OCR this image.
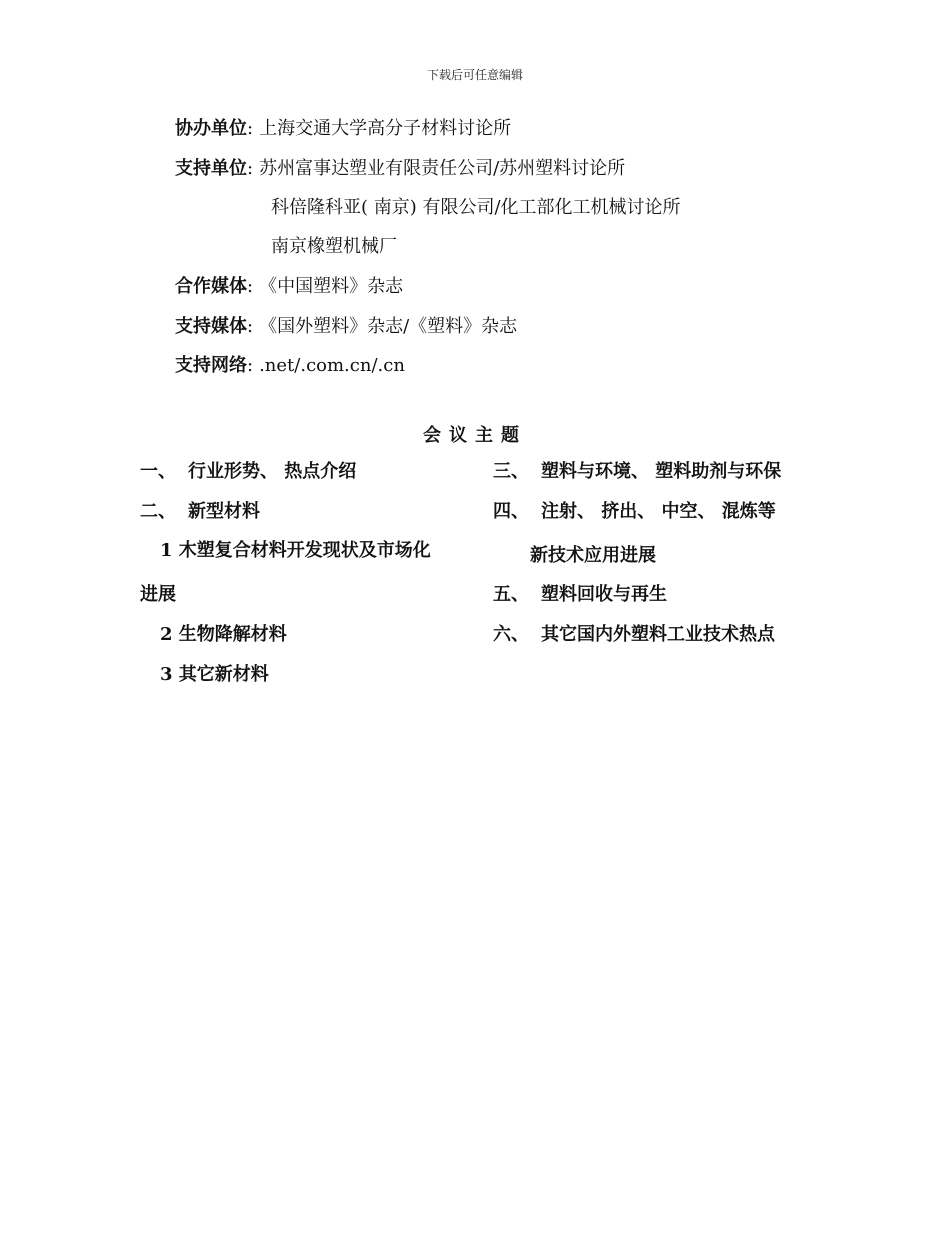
下载后可任意编辑
协办单位: 上海交通大学高分子材料讨论所
支持单位: 苏州富事达塑业有限责任公司/苏州塑料讨论所
科倍隆科亚( 南京) 有限公司/化工部化工机械讨论所
南京橡塑机械厂
合作媒体: 《中国塑料》杂志
支持媒体: 《国外塑料》杂志/《塑料》杂志
支持网络: .net/.com.cn/.cn
会议主题
一、 行业形势、 热点介绍
二、 新型材料
1 木塑复合材料开发现状及市场化
进展
2 生物降解材料
3 其它新材料
三、 塑料与环境、 塑料助剂与环保
四、 注射、 挤出、 中空、 混炼等
新技术应用进展
五、 塑料回收与再生
六、 其它国内外塑料工业技术热点
